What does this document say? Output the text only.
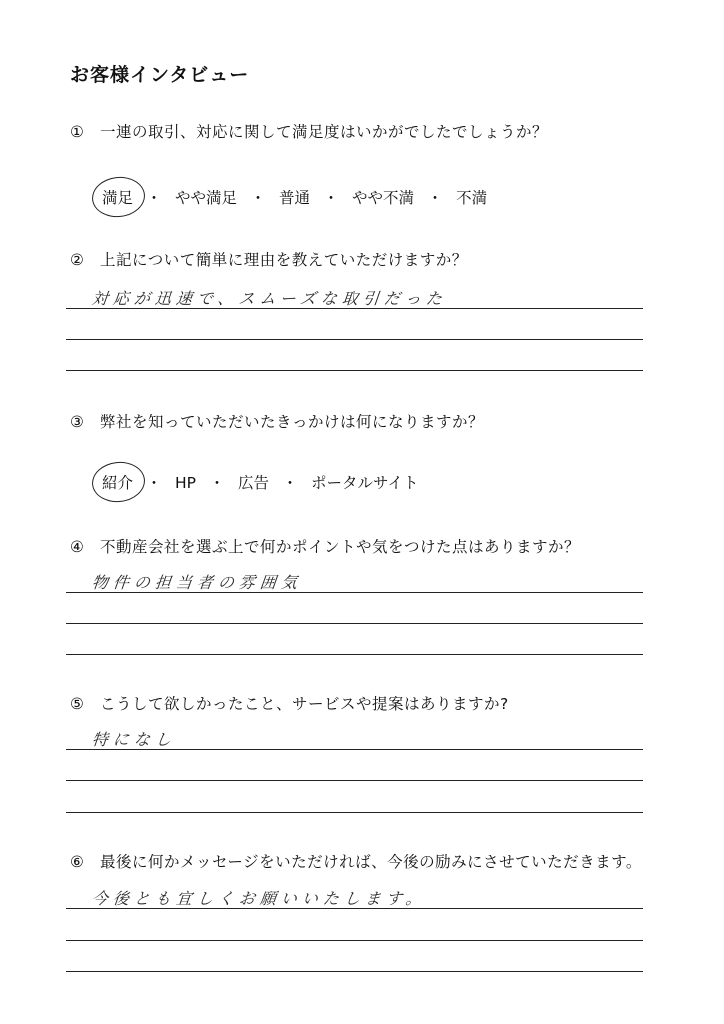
お客様インタビュー
① 一連の取引、対応に関して満足度はいかがでしたでしょうか？
満足 ・ やや満足 ・ 普通 ・ やや不満 ・ 不満
② 上記について簡単に理由を教えていただけますか？
対応が迅速で、スムーズな取引だった
③ 弊社を知っていただいたきっかけは何になりますか？
紹介 ・ HP ・ 広告 ・ ポータルサイト
④ 不動産会社を選ぶ上で何かポイントや気をつけた点はありますか？
物件の担当者の雰囲気
⑤ こうして欲しかったこと、サービスや提案はありますか?
特になし
⑥ 最後に何かメッセージをいただければ、今後の励みにさせていただきます。
今後とも宜しくお願いいたします。
